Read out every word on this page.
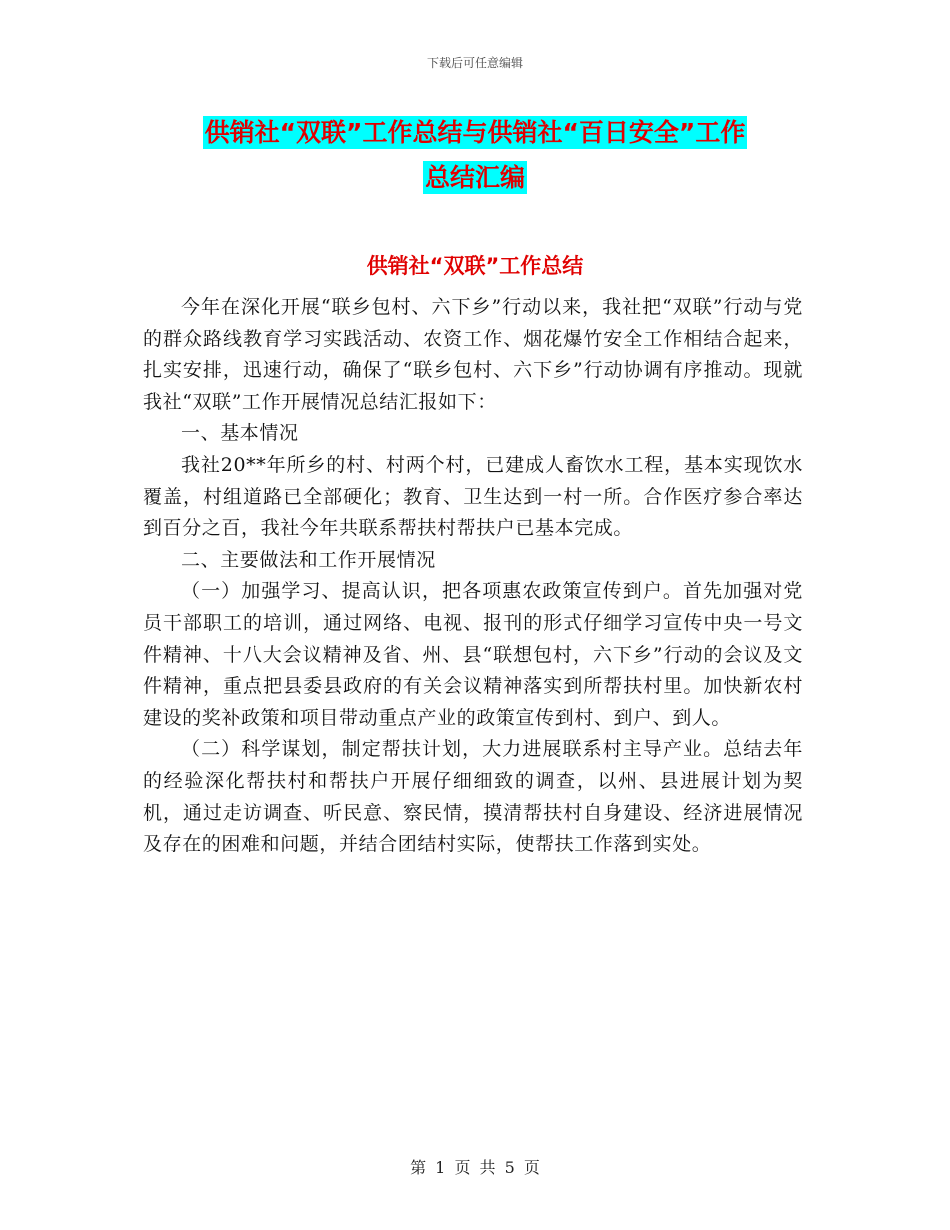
下载后可任意编辑
供销社“双联”工作总结与供销社“百日安全”工作
总结汇编
供销社“双联”工作总结

今年在深化开展“联乡包村、六下乡”行动以来，我社把“双联”行动与党的群众路线教育学习实践活动、农资工作、烟花爆竹安全工作相结合起来，扎实安排，迅速行动，确保了“联乡包村、六下乡”行动协调有序推动。现就我社“双联”工作开展情况总结汇报如下：

一、基本情况

我社20**年所乡的村、村两个村，已建成人畜饮水工程，基本实现饮水覆盖，村组道路已全部硬化；教育、卫生达到一村一所。合作医疗参合率达到百分之百，我社今年共联系帮扶村帮扶户已基本完成。

二、主要做法和工作开展情况

（一）加强学习、提高认识，把各项惠农政策宣传到户。首先加强对党员干部职工的培训，通过网络、电视、报刊的形式仔细学习宣传中央一号文件精神、十八大会议精神及省、州、县“联想包村，六下乡”行动的会议及文件精神，重点把县委县政府的有关会议精神落实到所帮扶村里。加快新农村建设的奖补政策和项目带动重点产业的政策宣传到村、到户、到人。

（二）科学谋划，制定帮扶计划，大力进展联系村主导产业。总结去年的经验深化帮扶村和帮扶户开展仔细细致的调查，以州、县进展计划为契机，通过走访调查、听民意、察民情，摸清帮扶村自身建设、经济进展情况及存在的困难和问题，并结合团结村实际，使帮扶工作落到实处。

第 1 页 共 5 页
